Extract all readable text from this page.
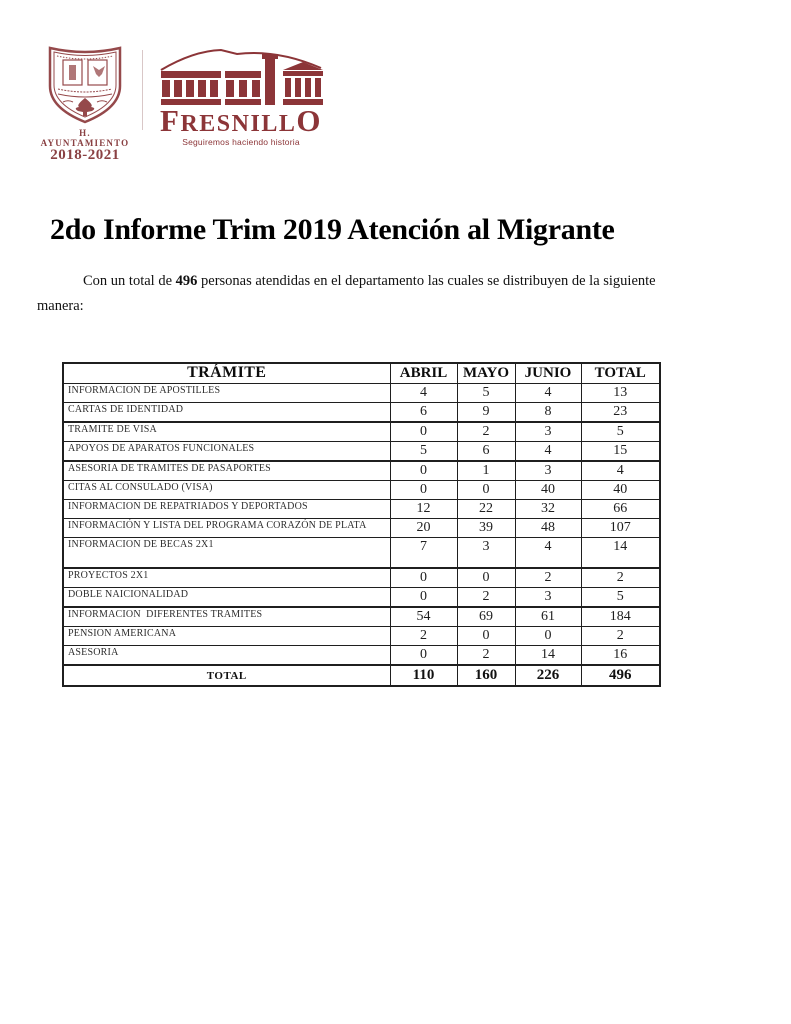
H. AYUNTAMIENTO
2018-2021
FRESNILLO
Seguiremos haciendo historia
2do Informe Trim 2019 Atención al Migrante

Con un total de 496 personas atendidas en el departamento las cuales se distribuyen de la siguiente
manera:

TRÁMITE	ABRIL	MAYO	JUNIO	TOTAL
INFORMACION DE APOSTILLES	4	5	4	13
CARTAS DE IDENTIDAD	6	9	8	23
TRAMITE DE VISA	0	2	3	5
APOYOS DE APARATOS FUNCIONALES	5	6	4	15
ASESORIA DE TRAMITES DE PASAPORTES	0	1	3	4
CITAS AL CONSULADO (VISA)	0	0	40	40
INFORMACION DE REPATRIADOS Y DEPORTADOS	12	22	32	66
INFORMACIÓN Y LISTA DEL PROGRAMA CORAZÓN DE PLATA	20	39	48	107
INFORMACION DE BECAS 2X1	7	3	4	14
PROYECTOS 2X1	0	0	2	2
DOBLE NAICIONALIDAD	0	2	3	5
INFORMACION  DIFERENTES TRAMITES	54	69	61	184
PENSION AMERICANA	2	0	0	2
ASESORIA	0	2	14	16
TOTAL	110	160	226	496
